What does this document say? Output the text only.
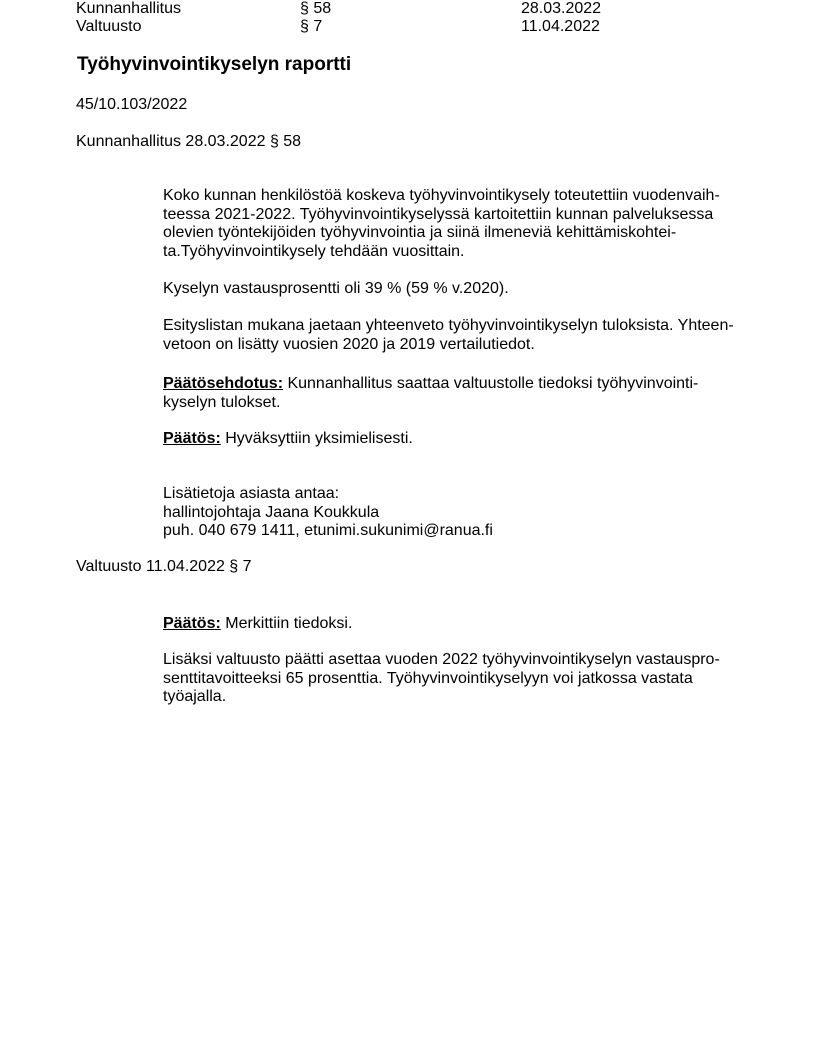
Kunnanhallitus	§ 58	28.03.2022
Valtuusto	§ 7	11.04.2022
Työhyvinvointikyselyn raportti
45/10.103/2022
Kunnanhallitus 28.03.2022 § 58
Koko kunnan henkilöstöä koskeva työhyvinvointikysely toteutettiin vuodenvaih-
teessa 2021-2022. Työhyvinvointikyselyssä kartoitettiin kunnan palveluksessa
olevien työntekijöiden työhyvinvointia ja siinä ilmeneviä kehittämiskohtei-
ta.Työhyvinvointikysely tehdään vuosittain.
Kyselyn vastausprosentti oli 39 % (59 % v.2020).
Esityslistan mukana jaetaan yhteenveto työhyvinvointikyselyn tuloksista. Yhteen-
vetoon on lisätty vuosien 2020 ja 2019 vertailutiedot.
Päätösehdotus: Kunnanhallitus saattaa valtuustolle tiedoksi työhyvinvointi-
kyselyn tulokset.
Päätös: Hyväksyttiin yksimielisesti.
Lisätietoja asiasta antaa:
hallintojohtaja Jaana Koukkula
puh. 040 679 1411, etunimi.sukunimi@ranua.fi
Valtuusto 11.04.2022 § 7
Päätös: Merkittiin tiedoksi.
Lisäksi valtuusto päätti asettaa vuoden 2022 työhyvinvointikyselyn vastauspro-
senttitavoitteeksi 65 prosenttia. Työhyvinvointikyselyyn voi jatkossa vastata
työajalla.
